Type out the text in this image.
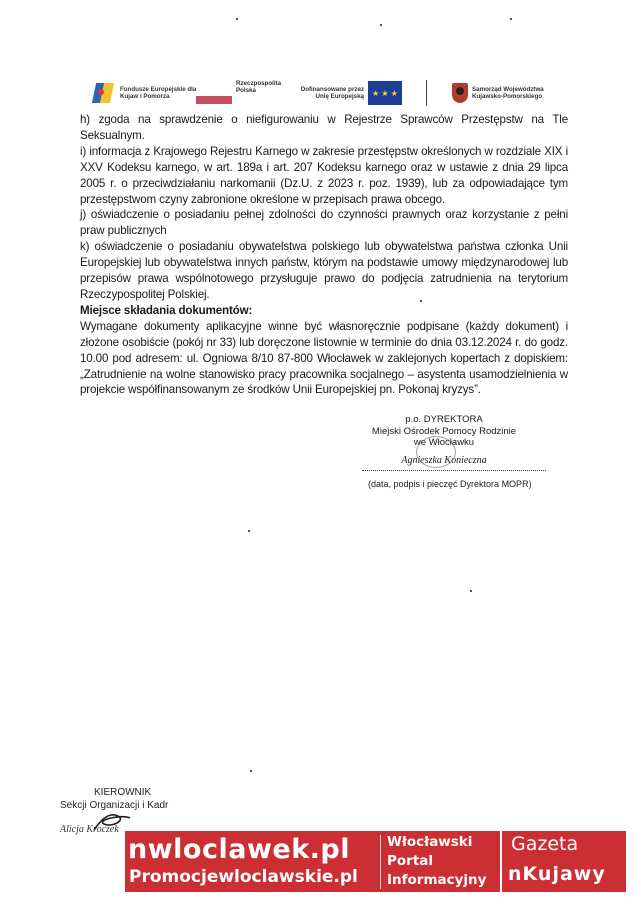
Fundusze Europejskie dla Kujaw i Pomorza
Rzeczpospolita Polska	Dofinansowane przez Unię Europejską	★ ★ ★	Samorząd Województwa Kujawsko-Pomorskiego

h) zgoda na sprawdzenie o niefigurowaniu w Rejestrze Sprawców Przestępstw na Tle Seksualnym.

i) informacja z Krajowego Rejestru Karnego w zakresie przestępstw określonych w rozdziale XIX i XXV Kodeksu karnego, w art. 189a i art. 207 Kodeksu karnego oraz w ustawie z dnia 29 lipca 2005 r. o przeciwdziałaniu narkomanii (Dz.U. z 2023 r. poz. 1939), lub za odpowiadające tym przestępstwom czyny zabronione określone w przepisach prawa obcego.

j) oświadczenie o posiadaniu pełnej zdolności do czynności prawnych oraz korzystanie z pełni praw publicznych

k) oświadczenie o posiadaniu obywatelstwa polskiego lub obywatelstwa państwa członka Unii Europejskiej lub obywatelstwa innych państw, którym na podstawie umowy międzynarodowej lub przepisów prawa wspólnotowego przysługuje prawo do podjęcia zatrudnienia na terytorium Rzeczypospolitej Polskiej.

Miejsce składania dokumentów:

Wymagane dokumenty aplikacyjne winne być własnoręcznie podpisane (każdy dokument) i złożone osobiście (pokój nr 33) lub doręczone listownie w terminie do dnia 03.12.2024 r. do godz. 10.00 pod adresem: ul. Ogniowa 8/10 87-800 Włocławek w zaklejonych kopertach z dopiskiem: „Zatrudnienie na wolne stanowisko pracy pracownika socjalnego – asystenta usamodzielnienia w projekcie współfinansowanym ze środków Unii Europejskiej pn. Pokonaj kryzys”.

p.o. DYREKTORA
Miejski Ośrodek Pomocy Rodzinie
we Włocławku
Agnieszka Konieczna
(data, podpis i pieczęć Dyrektora MOPR)
KIEROWNIK
Sekcji Organizacji i Kadr
Alicja Kroczek
nwloclawek.pl
Promocjewloclawskie.pl
Włocławski
Portal
Informacyjny
Gazeta
nKujawy
